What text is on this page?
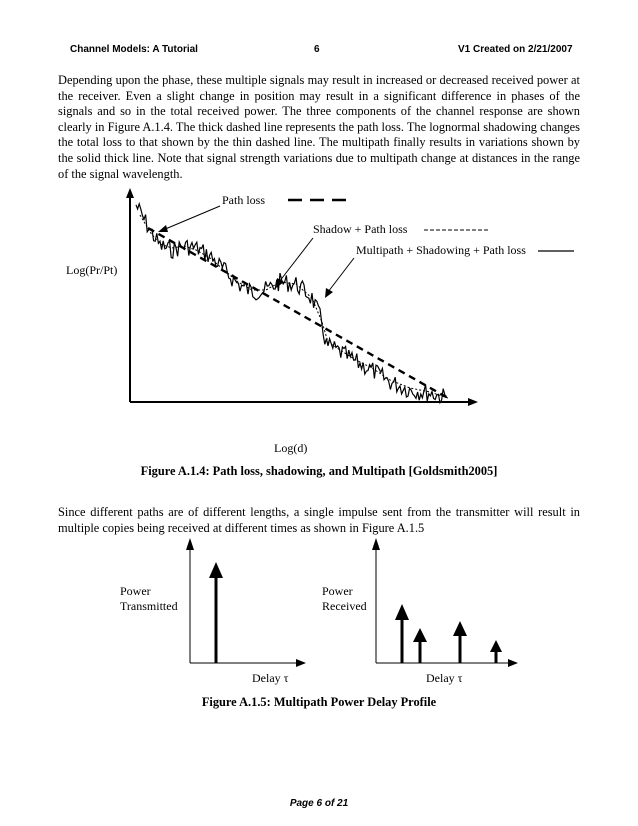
Channel Models: A Tutorial	6	V1 Created on 2/21/2007

Depending upon the phase, these multiple signals may result in increased or decreased received power at the receiver. Even a slight change in position may result in a significant difference in phases of the signals and so in the total received power. The three components of the channel response are shown clearly in Figure A.1.4. The thick dashed line represents the path loss. The lognormal shadowing changes the total loss to that shown by the thin dashed line. The multipath finally results in variations shown by the solid thick line. Note that signal strength variations due to multipath change at distances in the range of the signal wavelength.

Path loss
Shadow + Path loss
Multipath + Shadowing + Path loss
Log(Pr/Pt)
Log(d)
Figure A.1.4: Path loss, shadowing, and Multipath [Goldsmith2005]

Since different paths are of different lengths, a single impulse sent from the transmitter will result in multiple copies being received at different times as shown in Figure A.1.5

Power
Transmitted
Power
Received
Delay τ	Delay τ
Figure A.1.5: Multipath Power Delay Profile
Page 6 of 21
